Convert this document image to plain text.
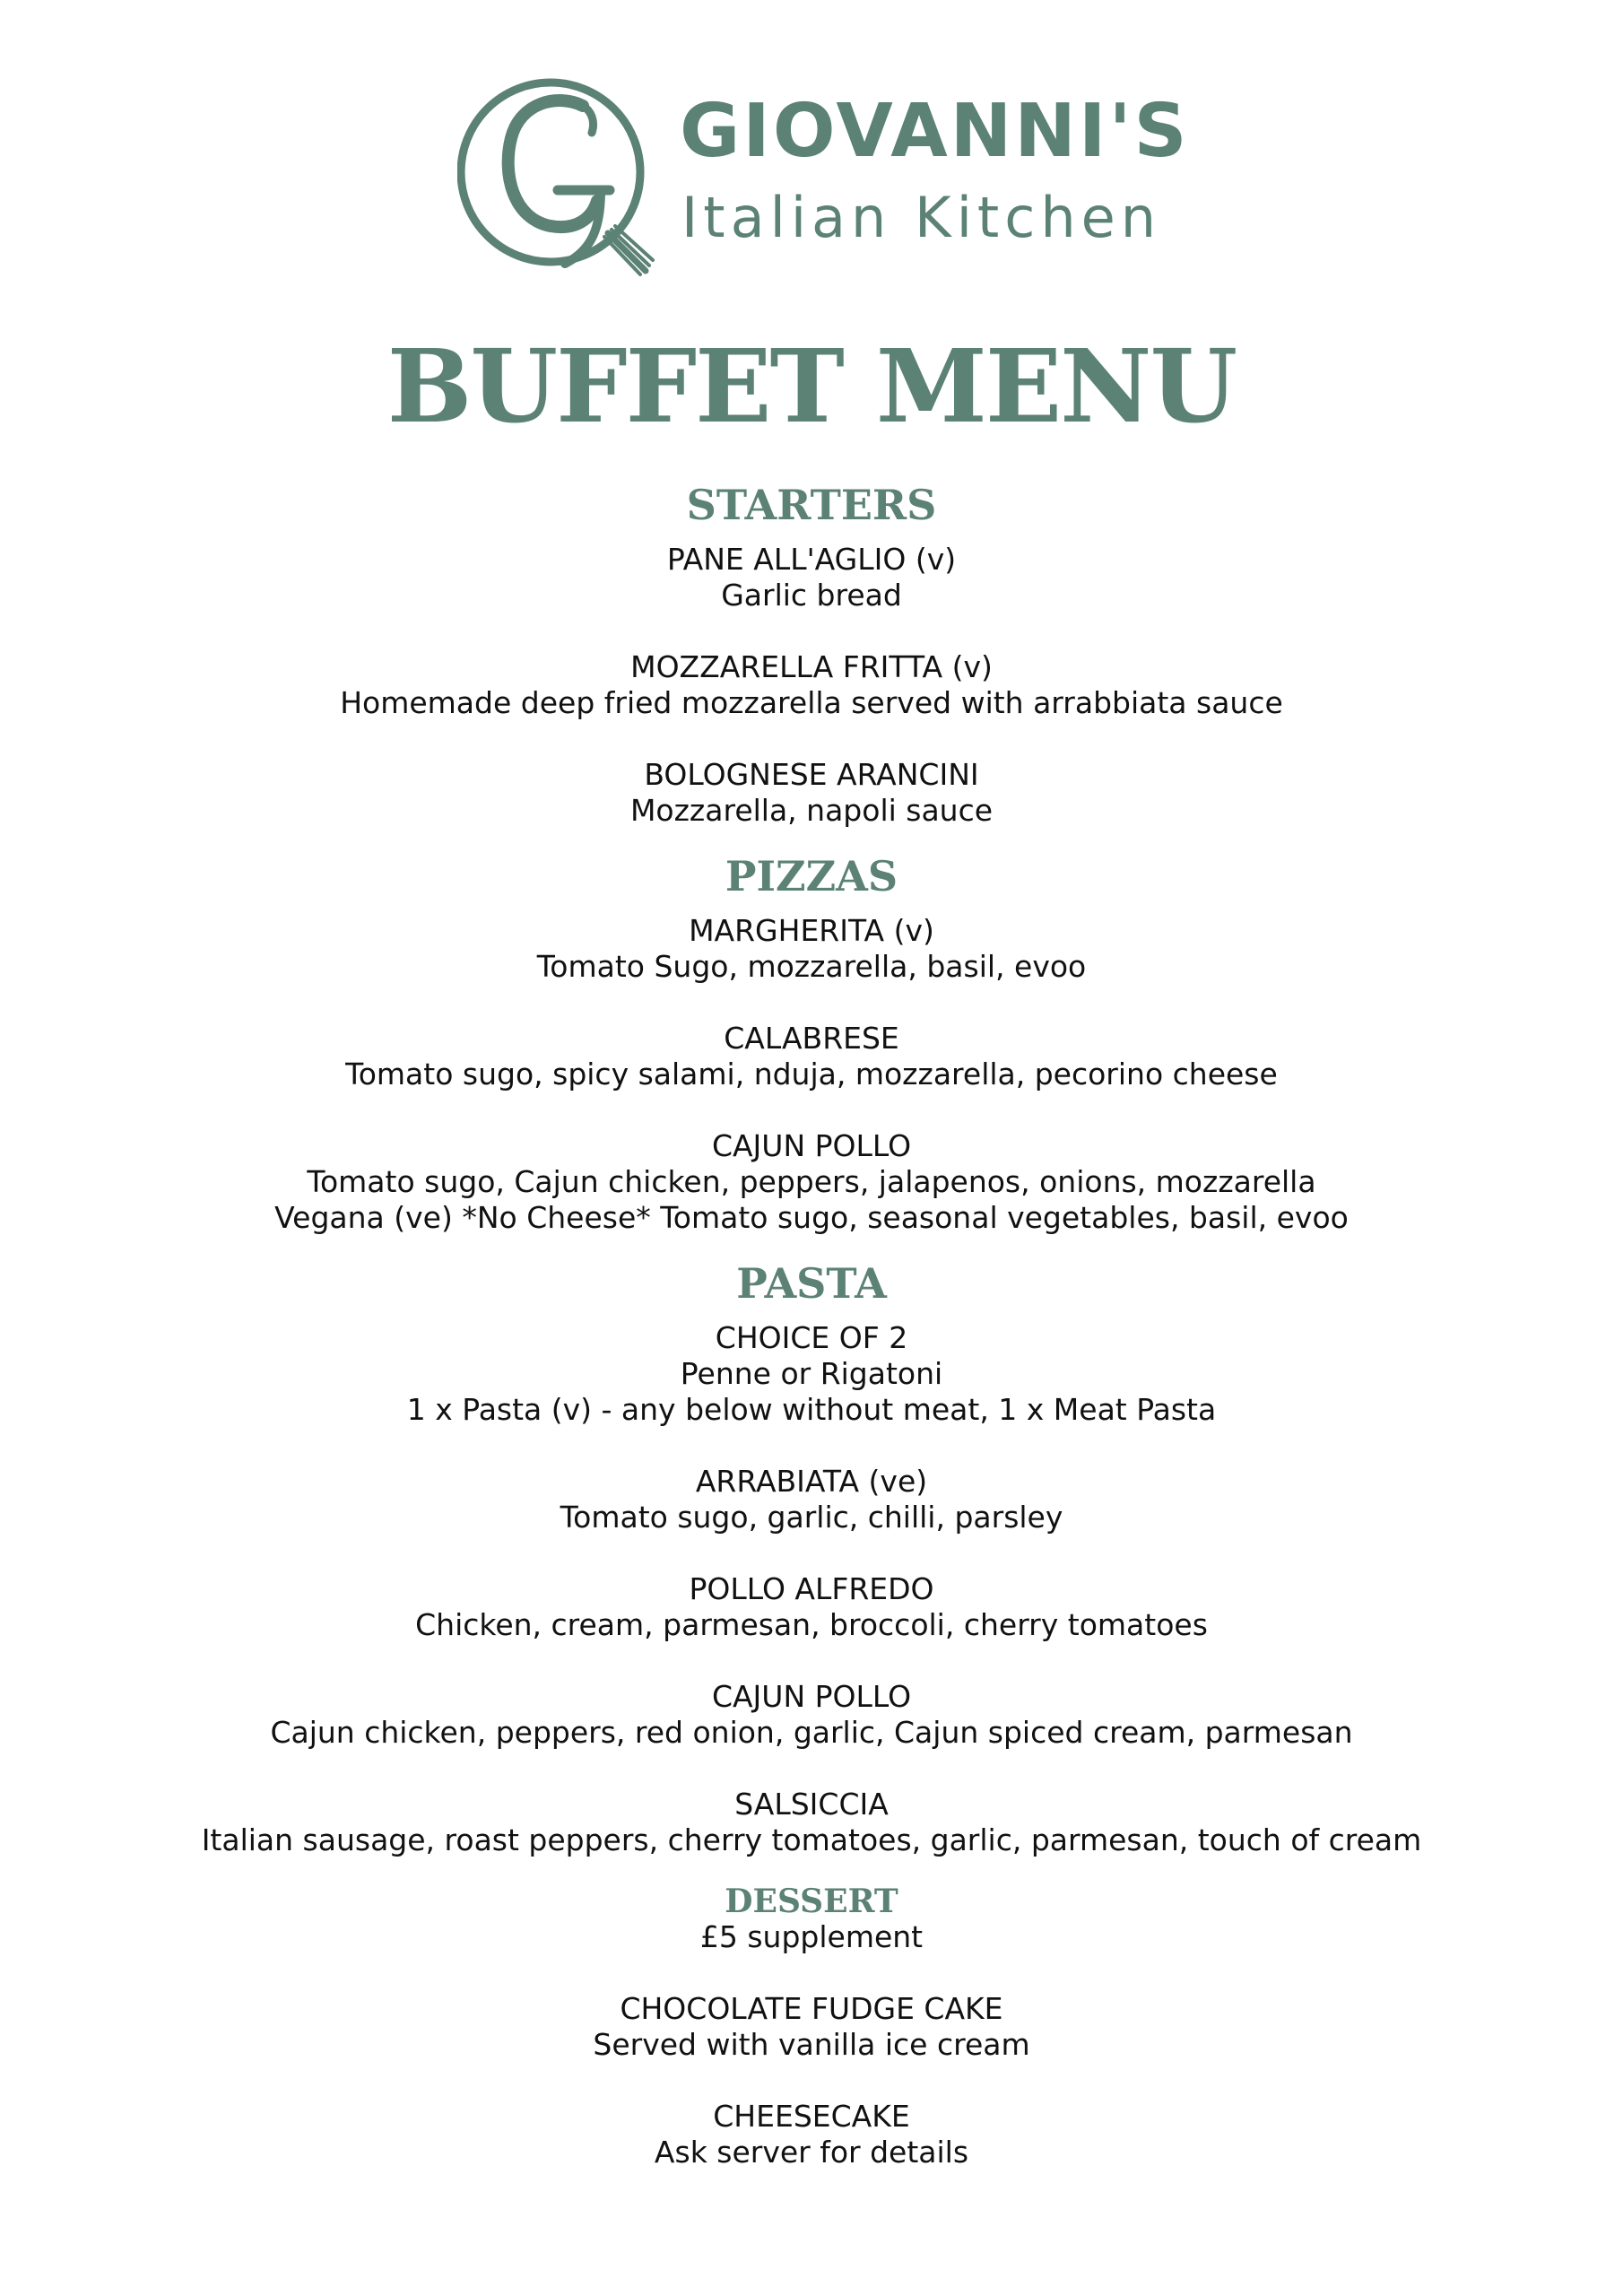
GIOVANNI'S
Italian Kitchen
BUFFET MENU
STARTERS
PANE ALL'AGLIO (v)
Garlic bread
MOZZARELLA FRITTA (v)
Homemade deep fried mozzarella served with arrabbiata sauce
BOLOGNESE ARANCINI
Mozzarella, napoli sauce
PIZZAS
MARGHERITA (v)
Tomato Sugo, mozzarella, basil, evoo
CALABRESE
Tomato sugo, spicy salami, nduja, mozzarella, pecorino cheese
CAJUN POLLO
Tomato sugo, Cajun chicken, peppers, jalapenos, onions, mozzarella
Vegana (ve) *No Cheese* Tomato sugo, seasonal vegetables, basil, evoo
PASTA
CHOICE OF 2
Penne or Rigatoni
1 x Pasta (v) - any below without meat, 1 x Meat Pasta
ARRABIATA (ve)
Tomato sugo, garlic, chilli, parsley
POLLO ALFREDO
Chicken, cream, parmesan, broccoli, cherry tomatoes
CAJUN POLLO
Cajun chicken, peppers, red onion, garlic, Cajun spiced cream, parmesan
SALSICCIA
Italian sausage, roast peppers, cherry tomatoes, garlic, parmesan, touch of cream
DESSERT
£5 supplement
CHOCOLATE FUDGE CAKE
Served with vanilla ice cream
CHEESECAKE
Ask server for details
